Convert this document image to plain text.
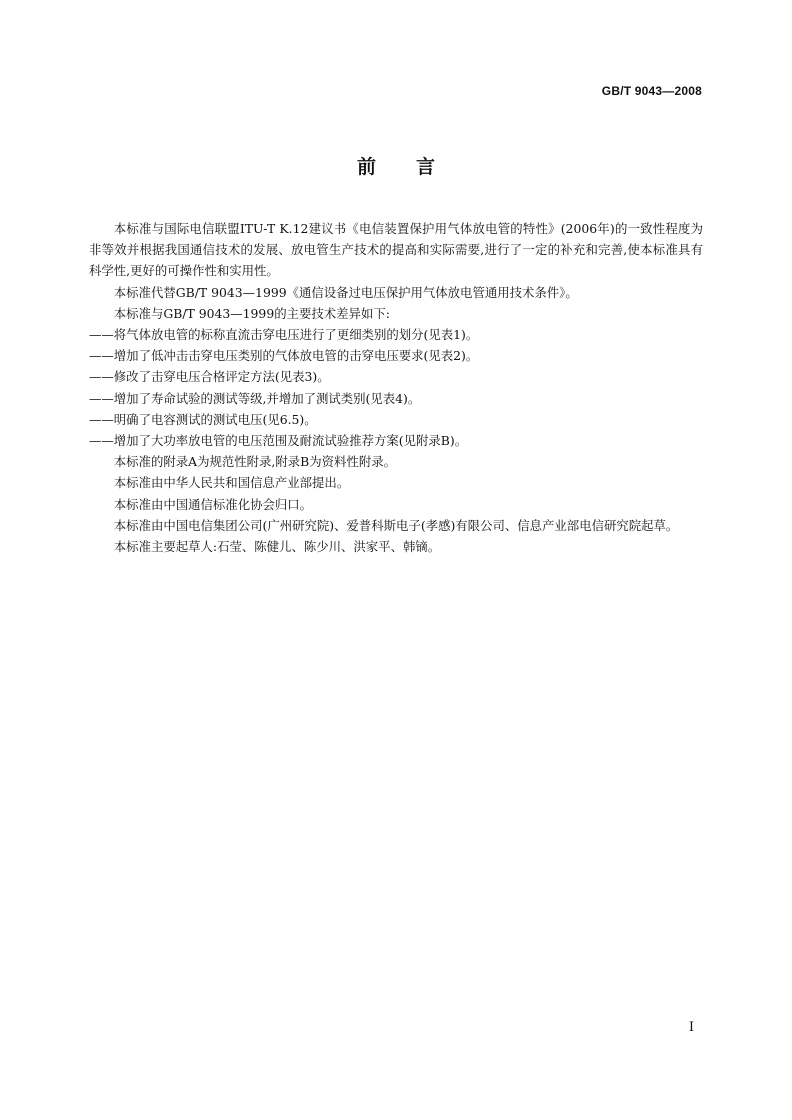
GB/T 9043—2008
前言

本标准与国际电信联盟ITU-T K.12建议书《电信装置保护用气体放电管的特性》(2006年)的一致性程度为非等效并根据我国通信技术的发展、放电管生产技术的提高和实际需要,进行了一定的补充和完善,使本标准具有科学性,更好的可操作性和实用性。

本标准代替GB/T 9043—1999《通信设备过电压保护用气体放电管通用技术条件》。

本标准与GB/T 9043—1999的主要技术差异如下:

——将气体放电管的标称直流击穿电压进行了更细类别的划分(见表1)。

——增加了低冲击击穿电压类别的气体放电管的击穿电压要求(见表2)。

——修改了击穿电压合格评定方法(见表3)。

——增加了寿命试验的测试等级,并增加了测试类别(见表4)。

——明确了电容测试的测试电压(见6.5)。

——增加了大功率放电管的电压范围及耐流试验推荐方案(见附录B)。

本标准的附录A为规范性附录,附录B为资料性附录。

本标准由中华人民共和国信息产业部提出。

本标准由中国通信标准化协会归口。

本标准由中国电信集团公司(广州研究院)、爱普科斯电子(孝感)有限公司、信息产业部电信研究院起草。

本标准主要起草人:石莹、陈健儿、陈少川、洪家平、韩镝。

I
